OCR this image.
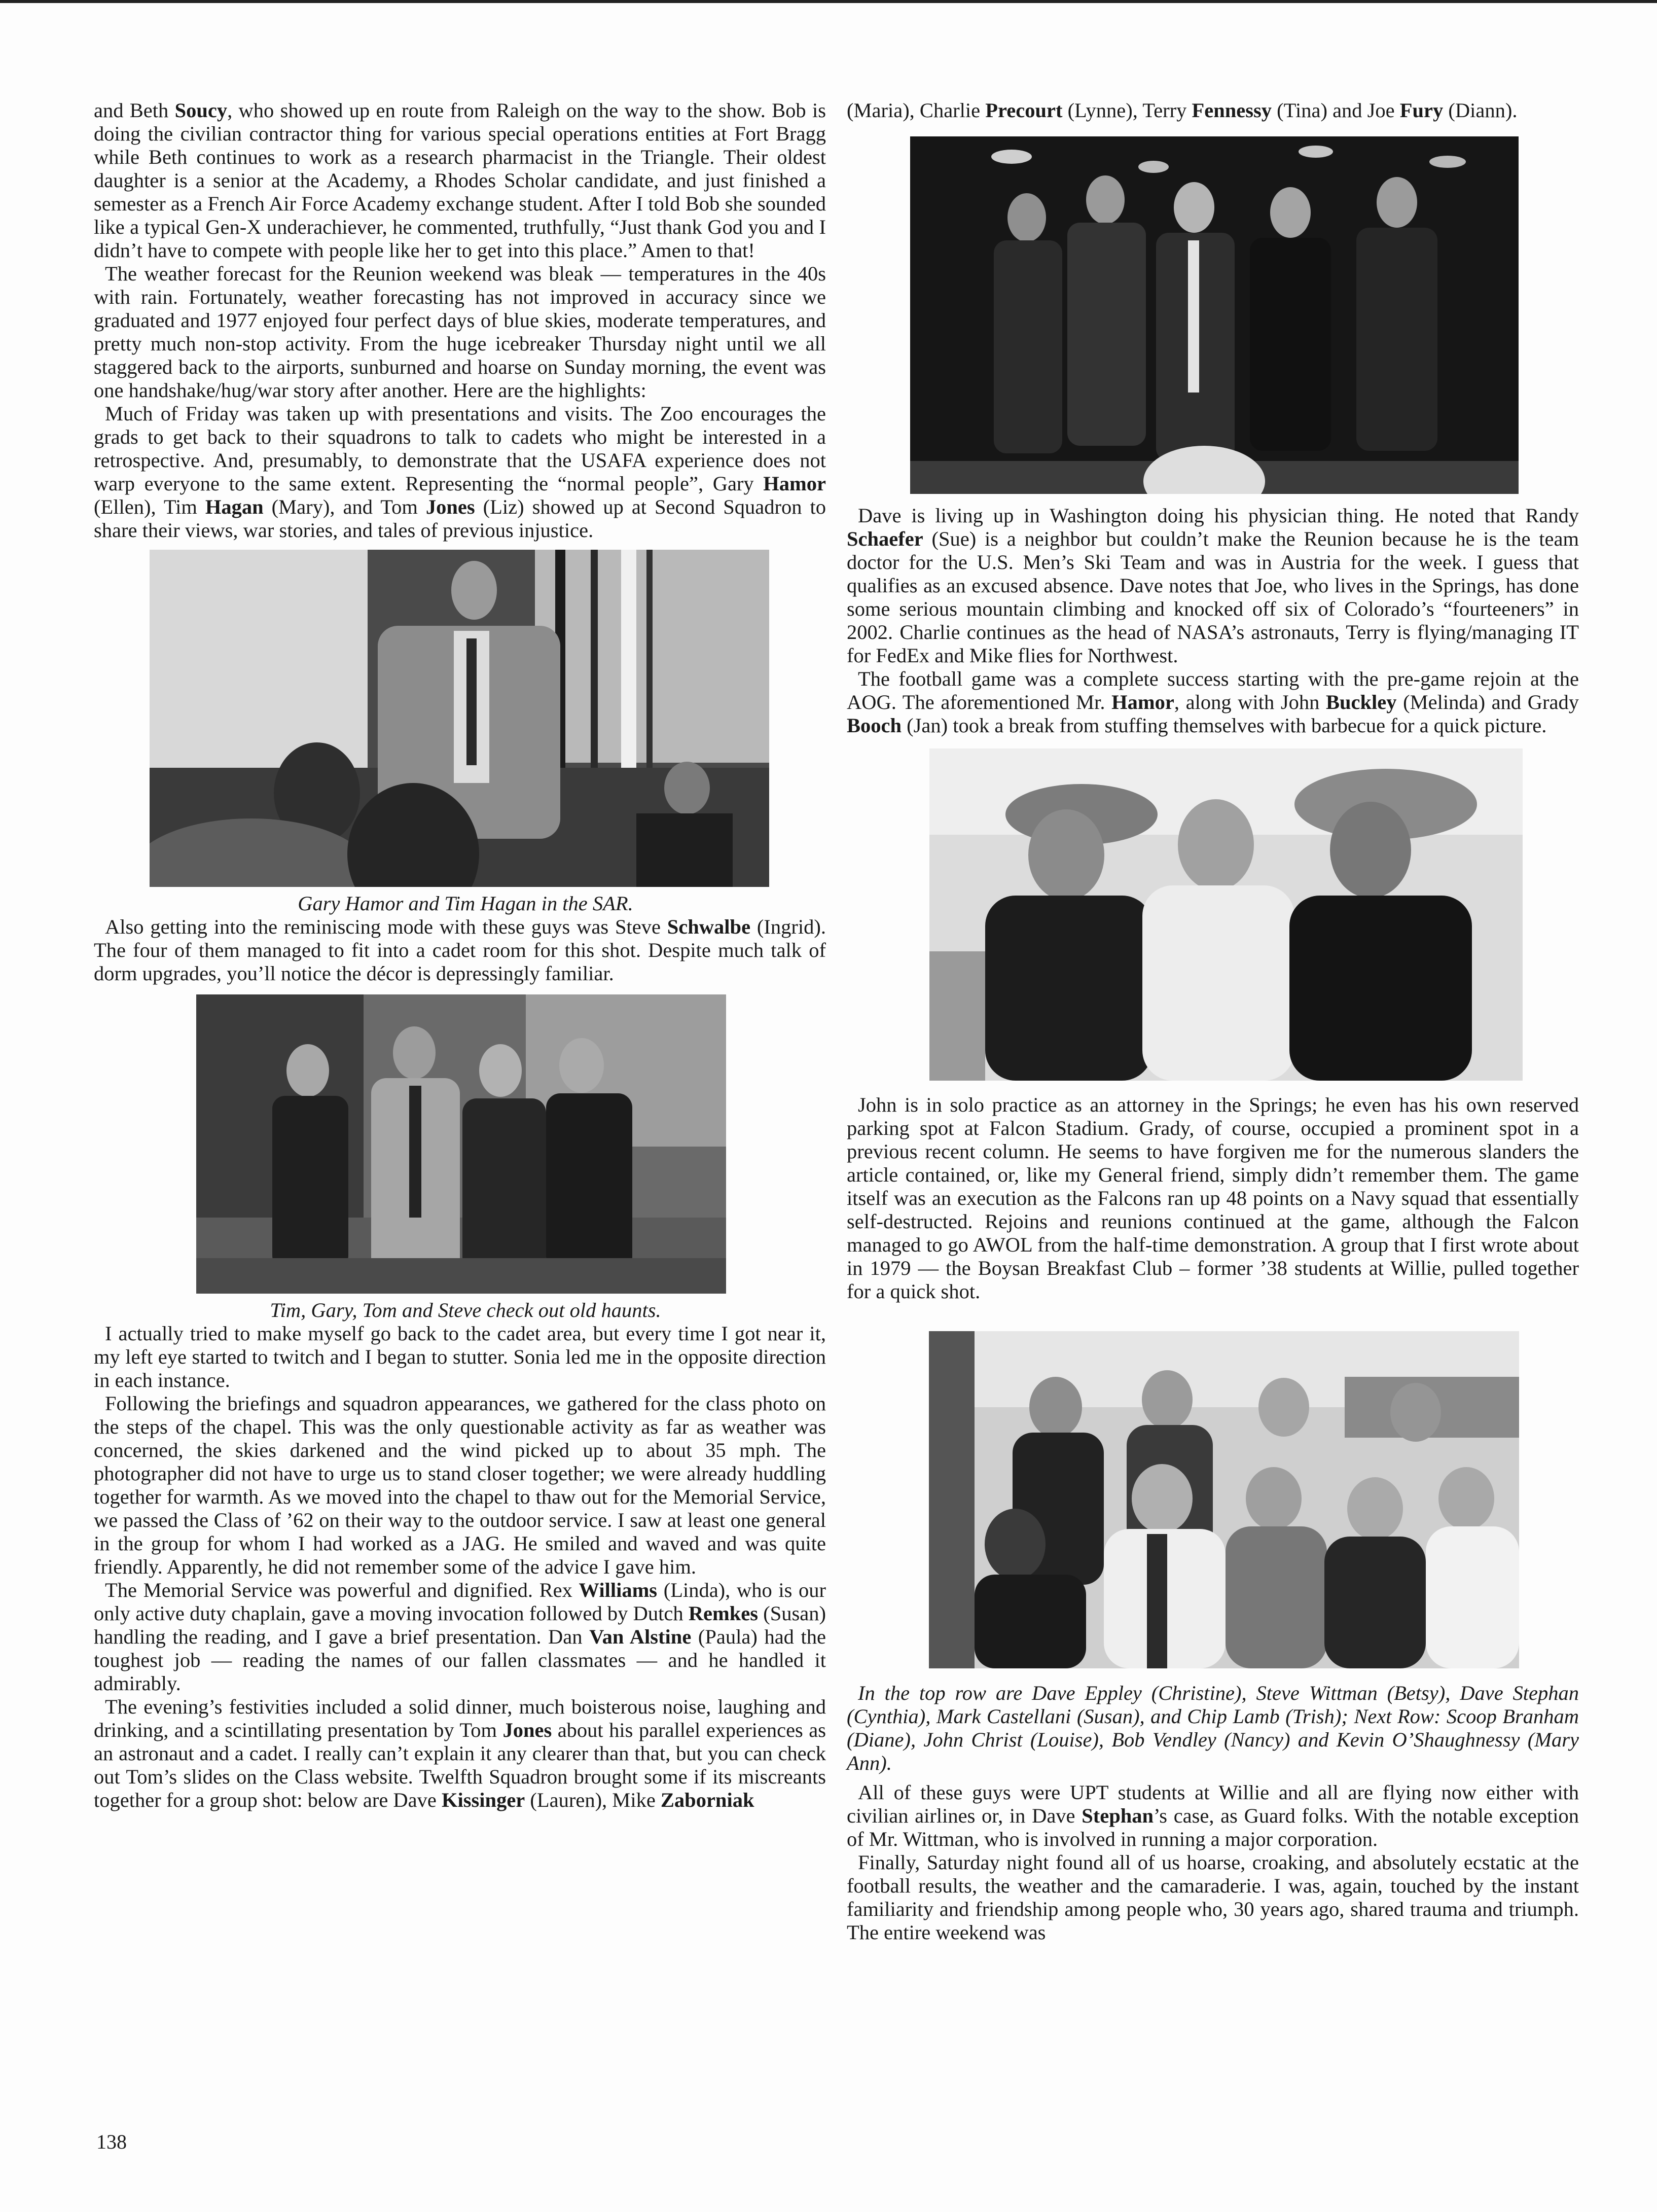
and Beth Soucy, who showed up en route from Raleigh on the way to the show. Bob is doing the civilian contractor thing for various special operations entities at Fort Bragg while Beth continues to work as a research pharmacist in the Triangle. Their oldest daughter is a senior at the Academy, a Rhodes Scholar candidate, and just finished a semester as a French Air Force Academy exchange student. After I told Bob she sounded like a typical Gen-X underachiever, he commented, truthfully, “Just thank God you and I didn’t have to compete with people like her to get into this place.” Amen to that!

The weather forecast for the Reunion weekend was bleak — temperatures in the 40s with rain. Fortunately, weather forecasting has not improved in accuracy since we graduated and 1977 enjoyed four perfect days of blue skies, moderate temperatures, and pretty much non-stop activity. From the huge icebreaker Thursday night until we all staggered back to the airports, sunburned and hoarse on Sunday morning, the event was one handshake/hug/war story after another. Here are the highlights:

Much of Friday was taken up with presentations and visits. The Zoo encourages the grads to get back to their squadrons to talk to cadets who might be interested in a retrospective. And, presumably, to demonstrate that the USAFA experience does not warp everyone to the same extent. Representing the “normal people”, Gary Hamor (Ellen), Tim Hagan (Mary), and Tom Jones (Liz) showed up at Second Squadron to share their views, war stories, and tales of previous injustice.

Gary Hamor and Tim Hagan in the SAR.

Also getting into the reminiscing mode with these guys was Steve Schwalbe (Ingrid). The four of them managed to fit into a cadet room for this shot. Despite much talk of dorm upgrades, you’ll notice the décor is depressingly familiar.

Tim, Gary, Tom and Steve check out old haunts.

I actually tried to make myself go back to the cadet area, but every time I got near it, my left eye started to twitch and I began to stutter. Sonia led me in the opposite direction in each instance.

Following the briefings and squadron appearances, we gathered for the class photo on the steps of the chapel. This was the only questionable activity as far as weather was concerned, the skies darkened and the wind picked up to about 35 mph. The photographer did not have to urge us to stand closer together; we were already huddling together for warmth. As we moved into the chapel to thaw out for the Memorial Service, we passed the Class of ’62 on their way to the outdoor service. I saw at least one general in the group for whom I had worked as a JAG. He smiled and waved and was quite friendly. Apparently, he did not remember some of the advice I gave him.

The Memorial Service was powerful and dignified. Rex Williams (Linda), who is our only active duty chaplain, gave a moving invocation followed by Dutch Remkes (Susan) handling the reading, and I gave a brief presentation. Dan Van Alstine (Paula) had the toughest job — reading the names of our fallen classmates — and he handled it admirably.

The evening’s festivities included a solid dinner, much boisterous noise, laughing and drinking, and a scintillating presentation by Tom Jones about his parallel experiences as an astronaut and a cadet. I really can’t explain it any clearer than that, but you can check out Tom’s slides on the Class website. Twelfth Squadron brought some if its miscreants together for a group shot: below are Dave Kissinger (Lauren), Mike Zaborniak

(Maria), Charlie Precourt (Lynne), Terry Fennessy (Tina) and Joe Fury (Diann).

Dave is living up in Washington doing his physician thing. He noted that Randy Schaefer (Sue) is a neighbor but couldn’t make the Reunion because he is the team doctor for the U.S. Men’s Ski Team and was in Austria for the week. I guess that qualifies as an excused absence. Dave notes that Joe, who lives in the Springs, has done some serious mountain climbing and knocked off six of Colorado’s “fourteeners” in 2002. Charlie continues as the head of NASA’s astronauts, Terry is flying/managing IT for FedEx and Mike flies for Northwest.

The football game was a complete success starting with the pre-game rejoin at the AOG. The aforementioned Mr. Hamor, along with John Buckley (Melinda) and Grady Booch (Jan) took a break from stuffing themselves with barbecue for a quick picture.

John is in solo practice as an attorney in the Springs; he even has his own reserved parking spot at Falcon Stadium. Grady, of course, occupied a prominent spot in a previous recent column. He seems to have forgiven me for the numerous slanders the article contained, or, like my General friend, simply didn’t remember them. The game itself was an execution as the Falcons ran up 48 points on a Navy squad that essentially self-destructed. Rejoins and reunions continued at the game, although the Falcon managed to go AWOL from the half-time demonstration. A group that I first wrote about in 1979 — the Boysan Breakfast Club – former ’38 students at Willie, pulled together for a quick shot.

In the top row are Dave Eppley (Christine), Steve Wittman (Betsy), Dave Stephan (Cynthia), Mark Castellani (Susan), and Chip Lamb (Trish); Next Row: Scoop Branham (Diane), John Christ (Louise), Bob Vendley (Nancy) and Kevin O’Shaughnessy (Mary Ann).

All of these guys were UPT students at Willie and all are flying now either with civilian airlines or, in Dave Stephan’s case, as Guard folks. With the notable exception of Mr. Wittman, who is involved in running a major corporation.

Finally, Saturday night found all of us hoarse, croaking, and absolutely ecstatic at the football results, the weather and the camaraderie. I was, again, touched by the instant familiarity and friendship among people who, 30 years ago, shared trauma and triumph. The entire weekend was

138
